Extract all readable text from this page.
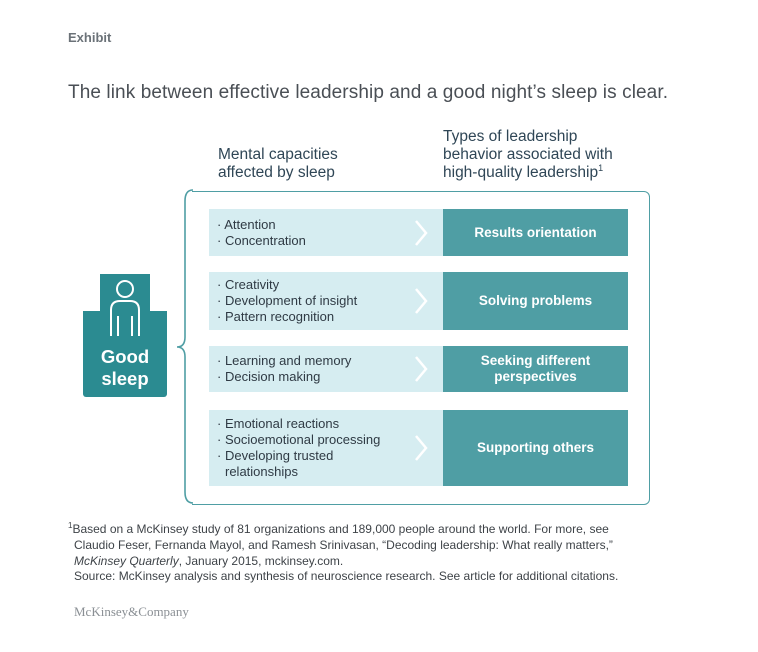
Exhibit
The link between effective leadership and a good night’s sleep is clear.
Mental capacities
affected by sleep
Types of leadership
behavior associated with
high-quality leadership$^1$
Good
sleep
· Attention
· Concentration
Results orientation
· Creativity
· Development of insight
· Pattern recognition
Solving problems
· Learning and memory
· Decision making
Seeking different perspectives
· Emotional reactions
· Socioemotional processing
· Developing trusted
relationships
Supporting others
$^1$Based on a McKinsey study of 81 organizations and 189,000 people around the world. For more, see
Claudio Feser, Fernanda Mayol, and Ramesh Srinivasan, “Decoding leadership: What really matters,”
McKinsey Quarterly, January 2015, mckinsey.com.
Source: McKinsey analysis and synthesis of neuroscience research. See article for additional citations.
McKinsey&Company
